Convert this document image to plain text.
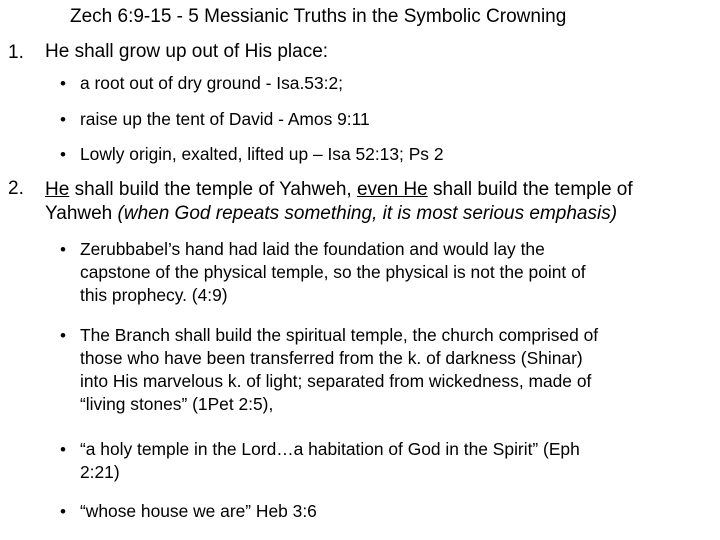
Zech 6:9-15 - 5 Messianic Truths in the Symbolic Crowning
1. He shall grow up out of His place:
• a root out of dry ground - Isa.53:2;
• raise up the tent of David - Amos 9:11
• Lowly origin, exalted, lifted up – Isa 52:13; Ps 2
2. He shall build the temple of Yahweh, even He shall build the temple of
Yahweh (when God repeats something, it is most serious emphasis)
• Zerubbabel’s hand had laid the foundation and would lay the
capstone of the physical temple, so the physical is not the point of
this prophecy. (4:9)
• The Branch shall build the spiritual temple, the church comprised of
those who have been transferred from the k. of darkness (Shinar)
into His marvelous k. of light; separated from wickedness, made of
“living stones” (1Pet 2:5),
• “a holy temple in the Lord…a habitation of God in the Spirit” (Eph
2:21)
• “whose house we are” Heb 3:6
